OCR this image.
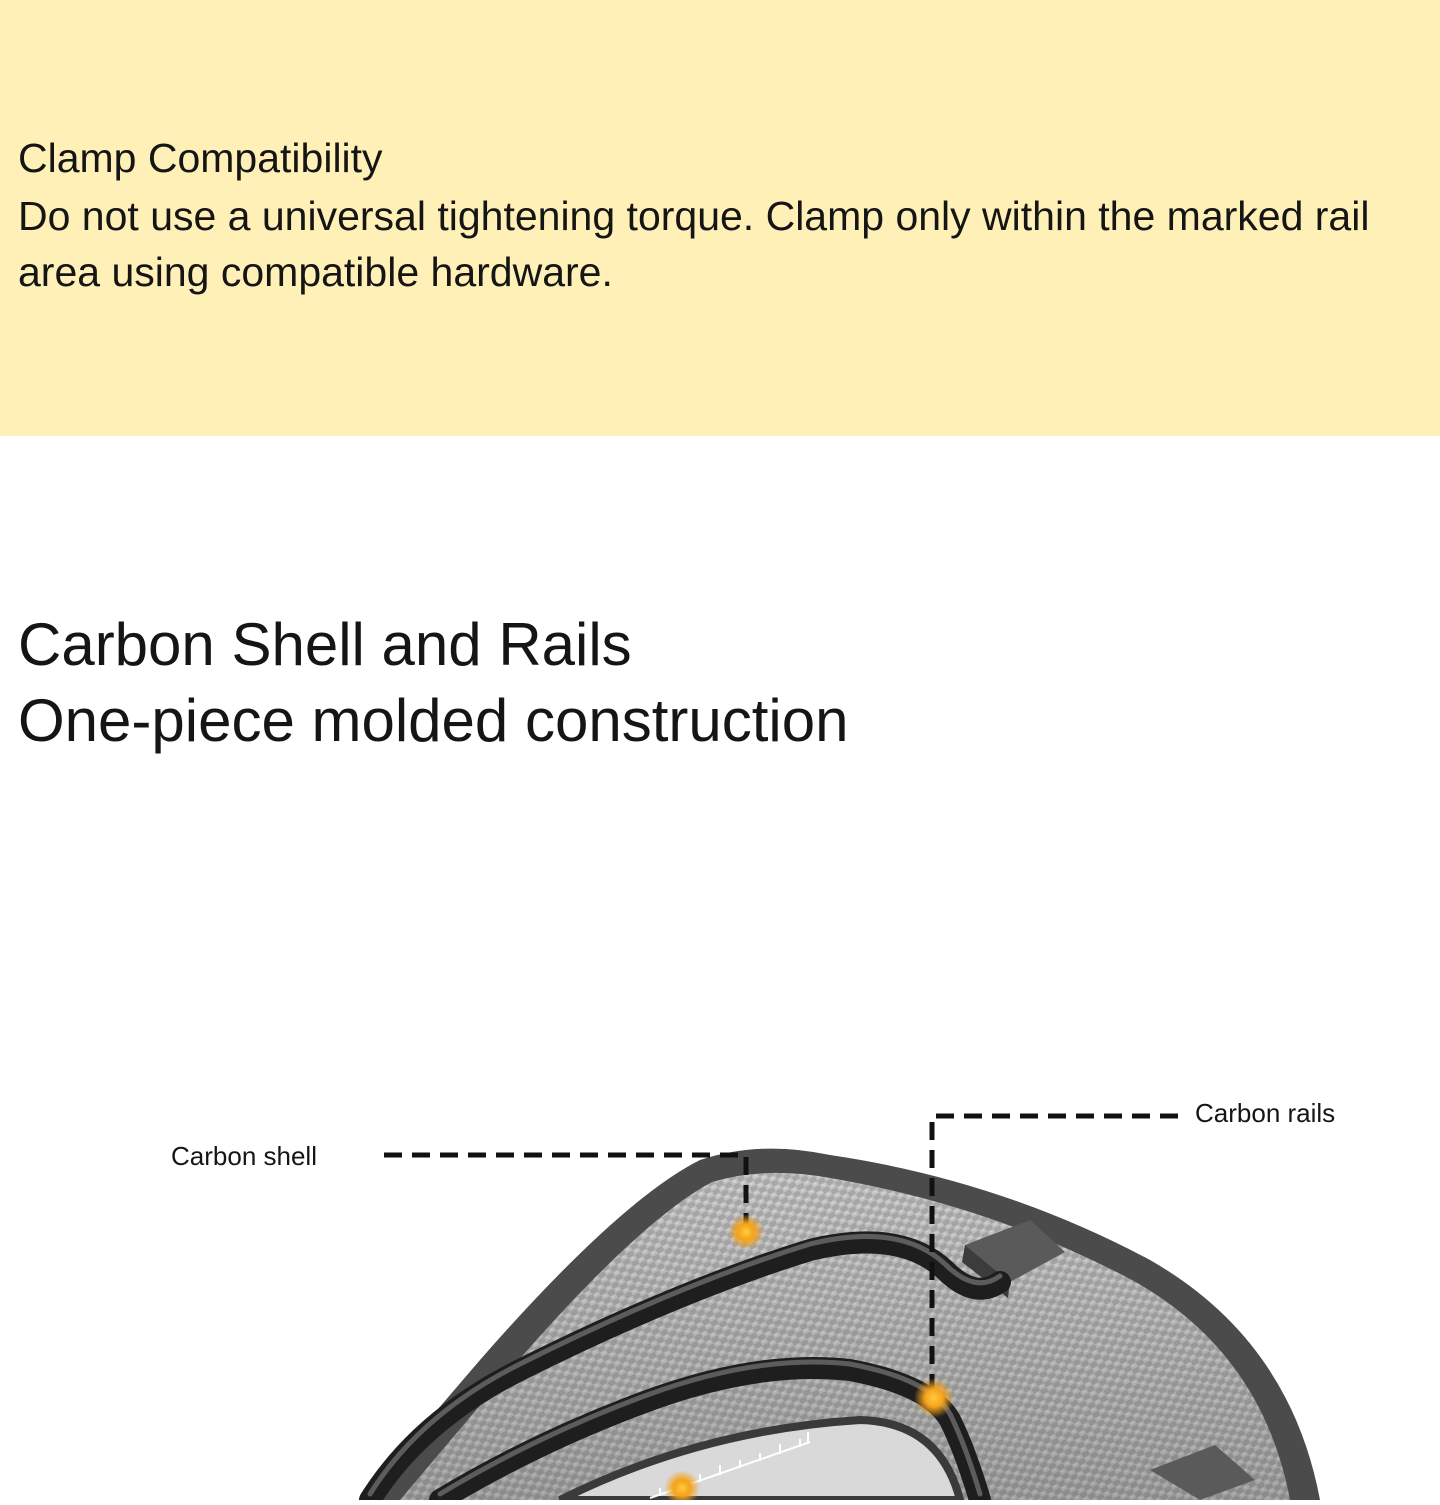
Clamp Compatibility
Do not use a universal tightening torque. Clamp only within the marked rail area using compatible hardware.
Carbon Shell and Rails
One-piece molded construction
Carbon shell
Carbon rails
